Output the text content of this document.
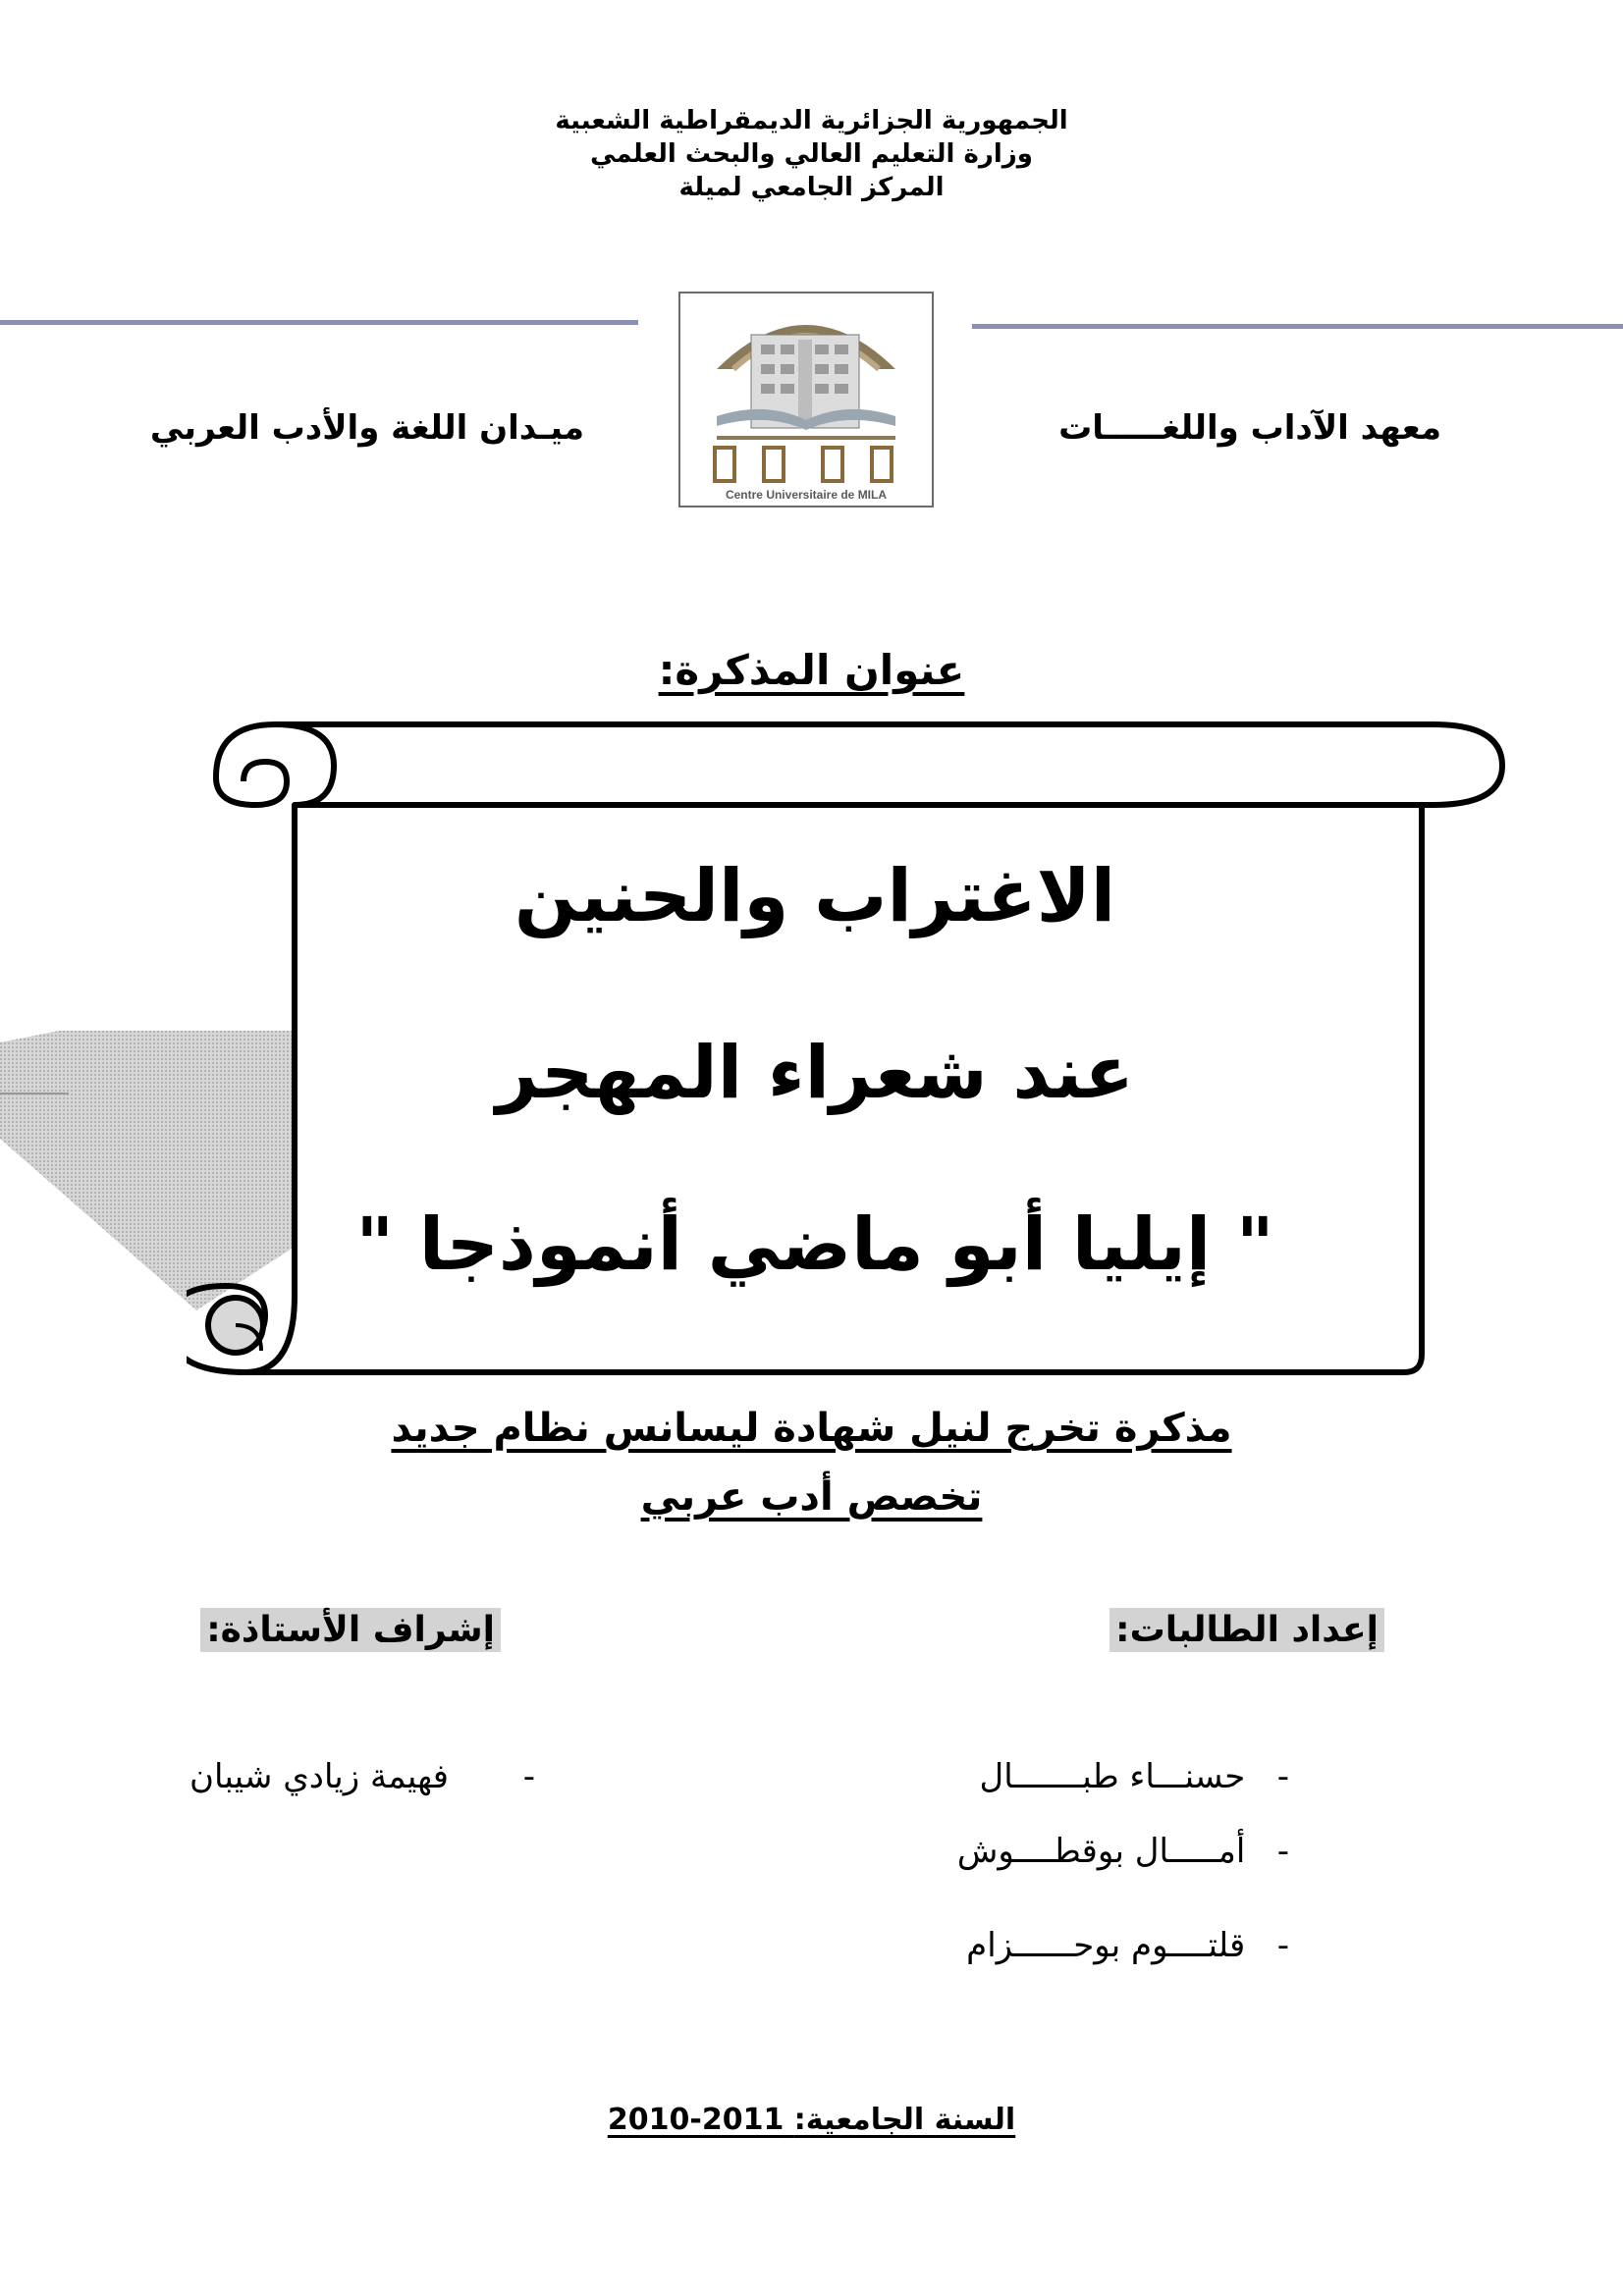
الجمهورية الجزائرية الديمقراطية الشعبية
وزارة التعليم العالي والبحث العلمي
المركز الجامعي لميلة
Centre Universitaire de MILA
معهد الآداب واللغـــــات
ميـدان اللغة والأدب العربي
عنوان المذكرة:
الاغتراب والحنين
عند شعراء المهجر
" إيليا أبو ماضي أنموذجا "
مذكرة تخرج لنيل شهادة ليسانس نظام جديد
تخصص أدب عربي
إعداد الطالبات:
إشراف الأستاذة:
-   حسنـــاء طبـــــــال
-   أمـــــال بوقطــــوش
-   قلتــــوم بوحــــــزام
-       فهيمة زيادي شيبان
السنة الجامعية: 2010-2011
